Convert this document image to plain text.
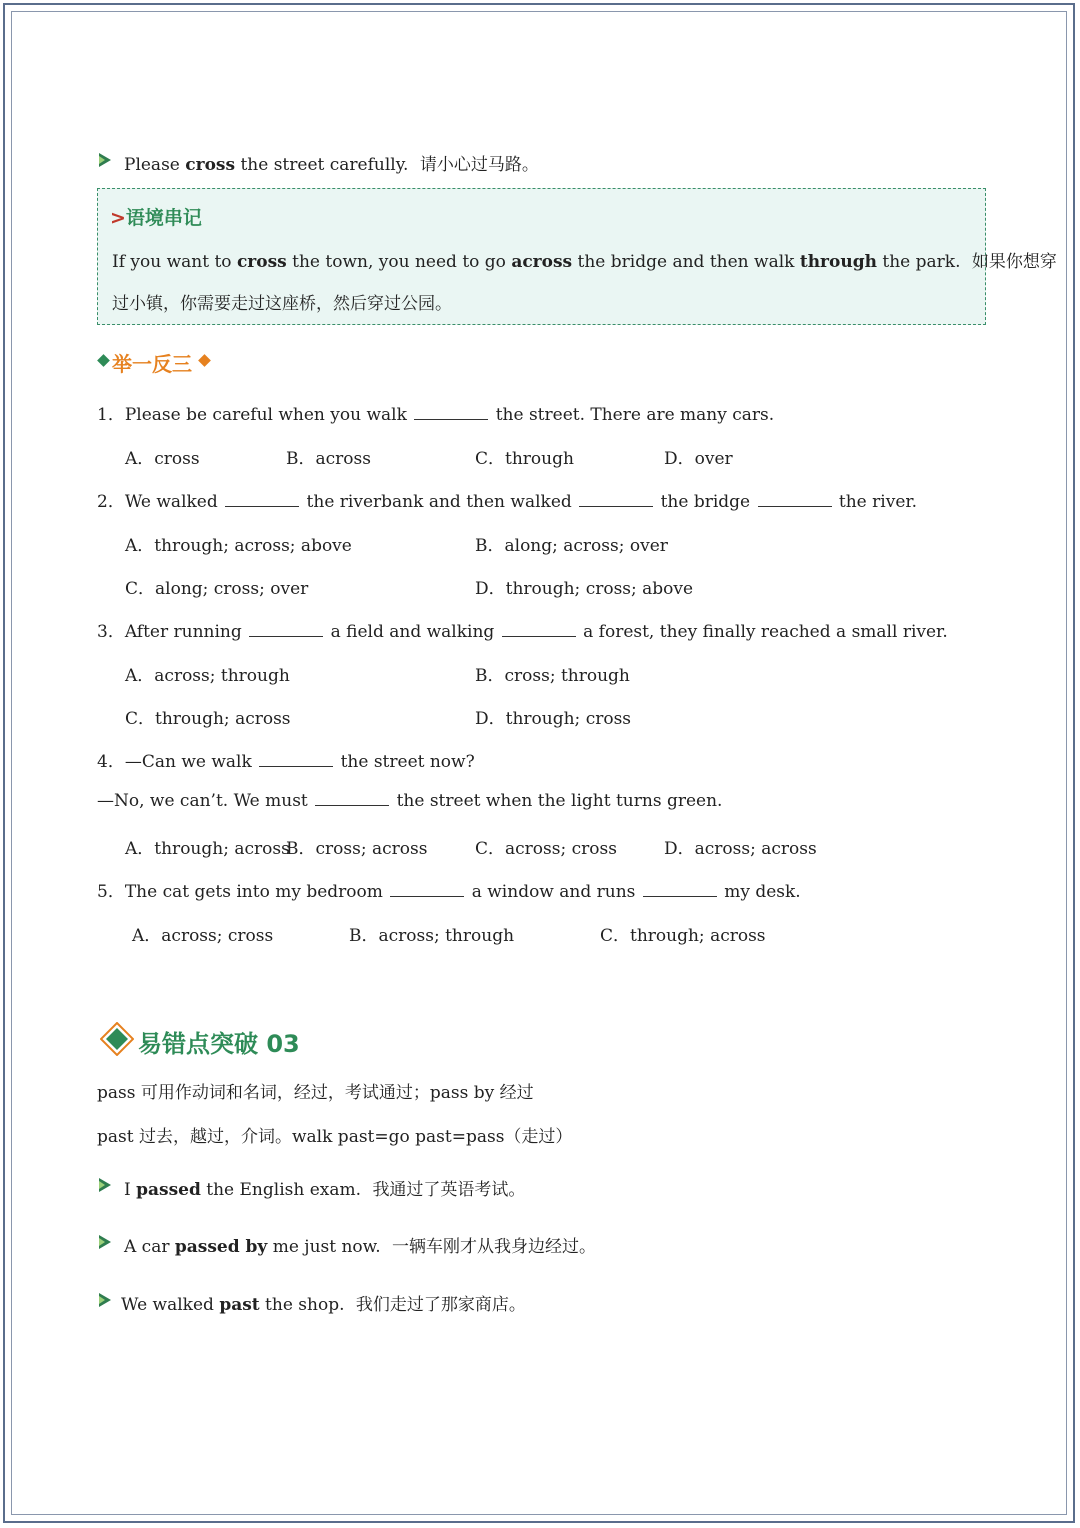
Please cross the street carefully. 请小心过马路。
>语境串记
If you want to cross the town, you need to go across the bridge and then walk through the park. 如果你想穿
过小镇，你需要走过这座桥，然后穿过公园。
举一反三
1．Please be careful when you walk	the street. There are many cars.
A．cross	B．across	C．through	D．over
2．We walked	the riverbank and then walked	the bridge	the river.
A．through; across; above	B．along; across; over
C．along; cross; over	D．through; cross; above
3．After running	a field and walking	a forest, they finally reached a small river.
A．across; through	B．cross; through
C．through; across	D．through; cross
4．—Can we walk	the street now?
—No, we can’t. We must	the street when the light turns green.
A．through; across
B．cross; across	C．across; cross	D．across; across
5．The cat gets into my bedroom	a window and runs	my desk.
A．across; cross	B．across; through	C．through; across
易错点突破 03
pass 可用作动词和名词，经过，考试通过；pass by 经过
past 过去，越过，介词。walk past=go past=pass（走过）
I passed the English exam. 我通过了英语考试。
A car passed by me just now. 一辆车刚才从我身边经过。
We walked past the shop. 我们走过了那家商店。
